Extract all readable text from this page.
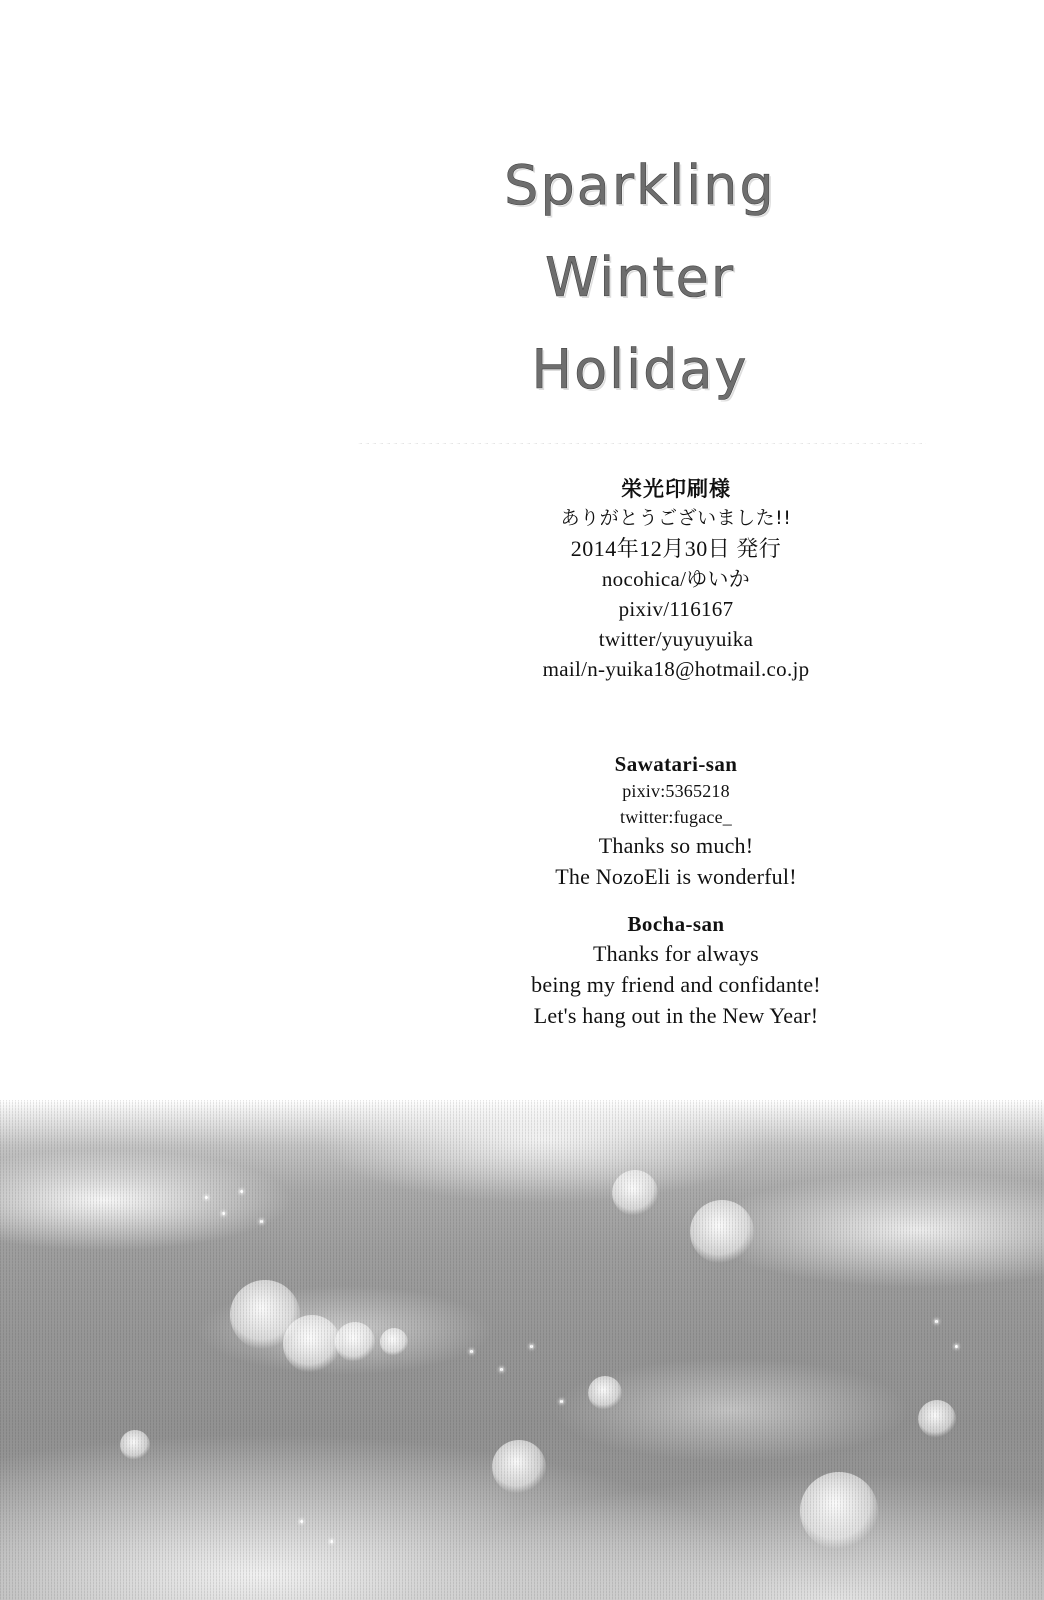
Sparkling
Winter
Holiday
栄光印刷様
ありがとうございました!!
2014年12月30日 発行
nocohica/ゆいか
pixiv/116167
twitter/yuyuyuika
mail/n-yuika18@hotmail.co.jp
Sawatari-san
pixiv:5365218
twitter:fugace_
Thanks so much!
The NozoEli is wonderful!
Bocha-san
Thanks for always
being my friend and confidante!
Let's hang out in the New Year!
